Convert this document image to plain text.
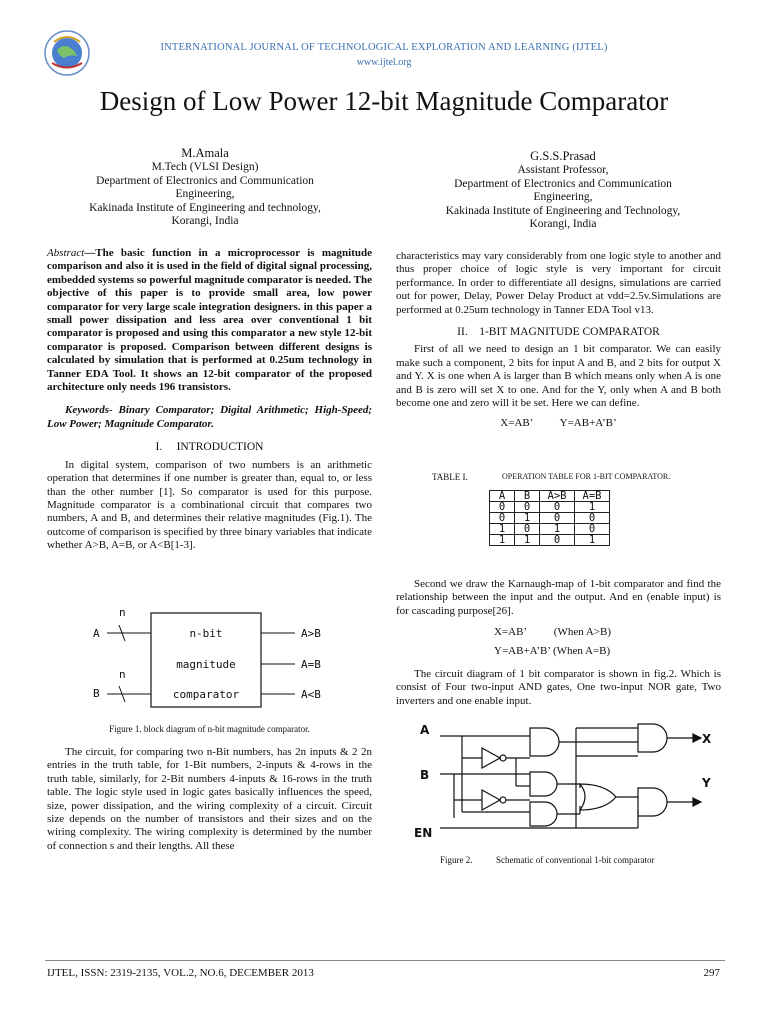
INTERNATIONAL JOURNAL OF TECHNOLOGICAL EXPLORATION AND LEARNING (IJTEL)
www.ijtel.org
Design of Low Power 12-bit Magnitude Comparator
M.Amala
M.Tech (VLSI Design)
Department of Electronics and Communication
Engineering,
Kakinada Institute of Engineering and technology,
Korangi, India
G.S.S.Prasad
Assistant Professor,
Department of Electronics and Communication
Engineering,
Kakinada Institute of Engineering and Technology,
Korangi, India

Abstract—The basic function in a microprocessor is magnitude comparison and also it is used in the field of digital signal processing, embedded systems so powerful magnitude comparator is needed. The objective of this paper is to provide small area, low power comparator for very large scale integration designers. in this paper a small power dissipation and less area over conventional 1 bit comparator is proposed and using this comparator a new style 12-bit comparator is proposed. Comparison between different designs is calculated by simulation that is performed at 0.25um technology in Tanner EDA Tool. It shows an 12-bit comparator of the proposed architecture only needs 196 transistors.

Keywords- Binary Comparator; Digital Arithmetic; High-Speed; Low Power; Magnitude Comparator.

I. INTRODUCTION

In digital system, comparison of two numbers is an arithmetic operation that determines if one number is greater than, equal to, or less than the other number [1]. So comparator is used for this purpose. Magnitude comparator is a combinational circuit that compares two numbers, A and B, and determines their relative magnitudes (Fig.1). The outcome of comparison is specified by three binary variables that indicate whether A>B, A=B, or A<B[1-3].

A
B
n
n
n-bit
magnitude
comparator
A>B
A=B
A<B
Figure 1. block diagram of n-bit magnitude comparator.

The circuit, for comparing two n-Bit numbers, has 2n inputs & 2 2n entries in the truth table, for 1-Bit numbers, 2-inputs & 4-rows in the truth table, similarly, for 2-Bit numbers 4-inputs & 16-rows in the truth table. The logic style used in logic gates basically influences the speed, size, power dissipation, and the wiring complexity of a circuit. Circuit size depends on the number of transistors and their sizes and on the wiring complexity. The wiring complexity is determined by the number of connection s and their lengths. All these

characteristics may vary considerably from one logic style to another and thus proper choice of logic style is very important for circuit performance. In order to differentiate all designs, simulations are carried out for power, Delay, Power Delay Product at vdd=2.5v.Simulations are performed at 0.25um technology in Tanner EDA Tool v13.

II. 1-BIT MAGNITUDE COMPARATOR

First of all we need to design an 1 bit comparator. We can easily make such a component, 2 bits for input A and B, and 2 bits for output X and Y. X is one when A is larger than B which means only when A is one and B is zero will set X to one. And for the Y, only when A and B both become one and zero will it be set. Here we can define.

X=AB’          Y=AB+A’B’
TABLE I.	OPERATION TABLE FOR 1-BIT COMPARATOR.
A	B	A>B	A=B
0	0	0	1
0	1	0	0
1	0	1	0
1	1	0	1

Second we draw the Karnaugh-map of 1-bit comparator and find the relationship between the input and the output. And en (enable input) is for cascading purpose[26].

X=AB’          (When A>B)
Y=AB+A’B’ (When A=B)

The circuit diagram of 1 bit comparator is shown in fig.2. Which is consist of Four two-input AND gates, One two-input NOR gate, Two inverters and one enable input.

A
B
EN
X
Y
Figure 2.	Schematic of conventional 1-bit comparator
IJTEL, ISSN: 2319-2135, VOL.2, NO.6, DECEMBER 2013	297
